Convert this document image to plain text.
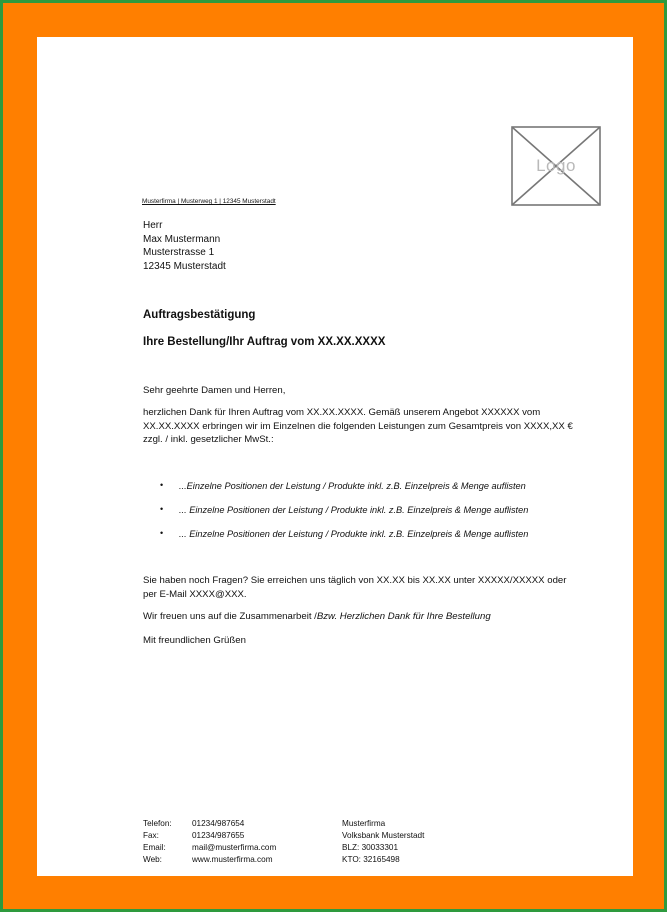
Logo
Musterfirma | Musterweg 1 | 12345 Musterstadt
Herr
Max Mustermann
Musterstrasse 1
12345 Musterstadt
Auftragsbestätigung
Ihre Bestellung/Ihr Auftrag vom XX.XX.XXXX
Sehr geehrte Damen und Herren,
herzlichen Dank für Ihren Auftrag vom XX.XX.XXXX. Gemäß unserem Angebot XXXXXX vom
XX.XX.XXXX erbringen wir im Einzelnen die folgenden Leistungen zum Gesamtpreis von XXXX,XX €
zzgl. / inkl. gesetzlicher MwSt.:
• ...Einzelne Positionen der Leistung / Produkte inkl. z.B. Einzelpreis & Menge auflisten
• ... Einzelne Positionen der Leistung / Produkte inkl. z.B. Einzelpreis & Menge auflisten
• ... Einzelne Positionen der Leistung / Produkte inkl. z.B. Einzelpreis & Menge auflisten
Sie haben noch Fragen? Sie erreichen uns täglich von XX.XX bis XX.XX unter XXXXX/XXXXX oder
per E-Mail XXXX@XXX.
Wir freuen uns auf die Zusammenarbeit /Bzw. Herzlichen Dank für Ihre Bestellung
Mit freundlichen Grüßen
Telefon: 01234/987654	Musterfirma
Fax:	01234/987655	Volksbank Musterstadt
Email:	mail@musterfirma.com	BLZ: 30033301
Web:	www.musterfirma.com	KTO: 32165498
